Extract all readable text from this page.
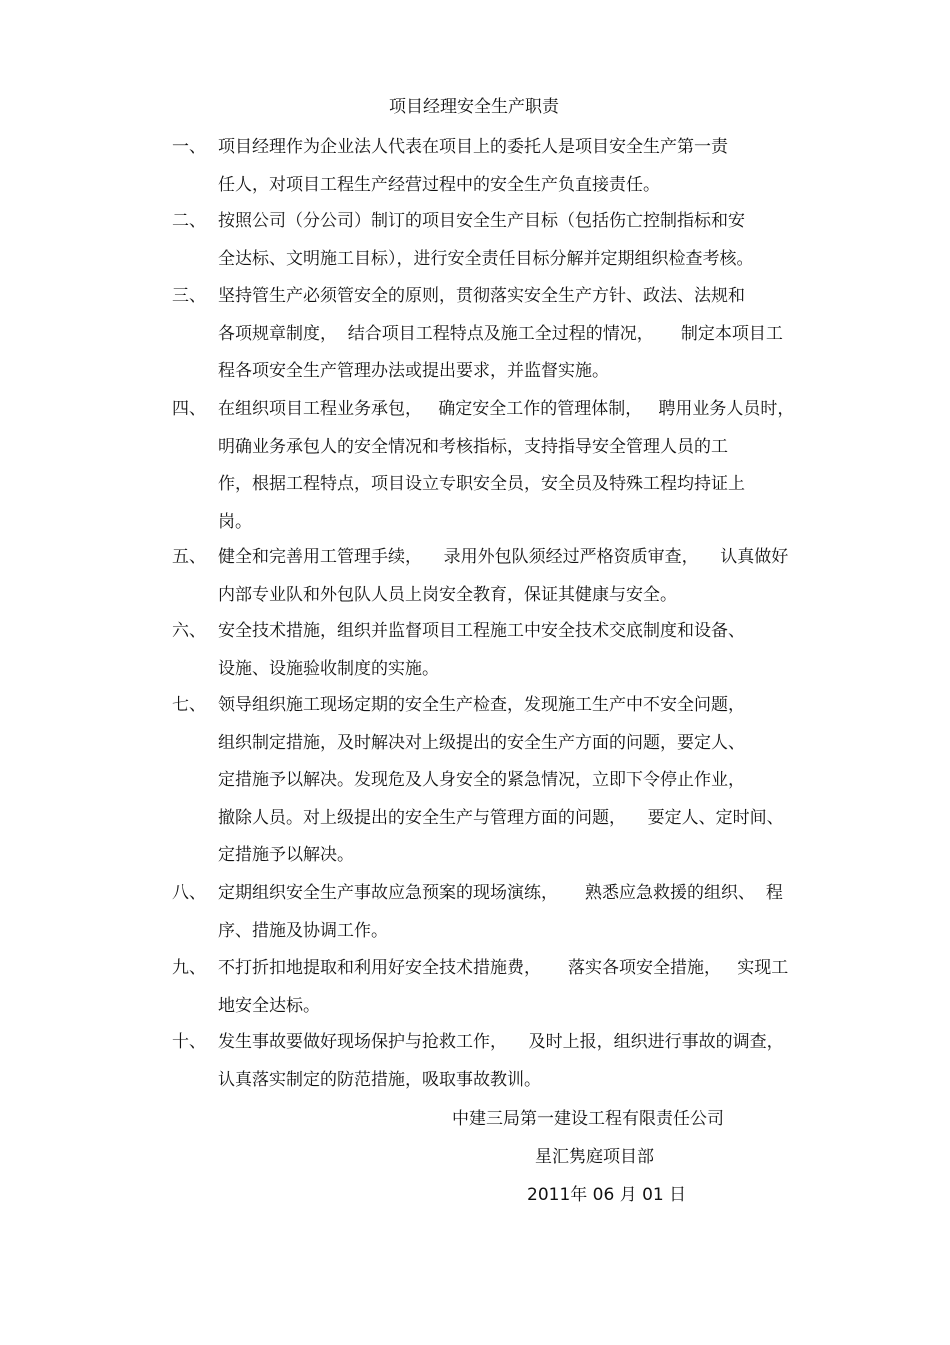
项目经理安全生产职责
一、 项目经理作为企业法人代表在项目上的委托人是项目安全生产第一责
任人，对项目工程生产经营过程中的安全生产负直接责任。
二、 按照公司（分公司）制订的项目安全生产目标（包括伤亡控制指标和安
全达标、文明施工目标），进行安全责任目标分解并定期组织检查考核。
三、 坚持管生产必须管安全的原则，贯彻落实安全生产方针、政法、法规和
各项规章制度，  结合项目工程特点及施工全过程的情况，     制定本项目工
程各项安全生产管理办法或提出要求，并监督实施。
四、 在组织项目工程业务承包，   确定安全工作的管理体制，   聘用业务人员时，
明确业务承包人的安全情况和考核指标，支持指导安全管理人员的工
作，根据工程特点，项目设立专职安全员，安全员及特殊工程均持证上
岗。
五、 健全和完善用工管理手续，    录用外包队须经过严格资质审查，    认真做好
内部专业队和外包队人员上岗安全教育，保证其健康与安全。
六、 安全技术措施，组织并监督项目工程施工中安全技术交底制度和设备、
设施、设施验收制度的实施。
七、 领导组织施工现场定期的安全生产检查，发现施工生产中不安全问题，
组织制定措施，及时解决对上级提出的安全生产方面的问题，要定人、
定措施予以解决。发现危及人身安全的紧急情况，立即下令停止作业，
撤除人员。对上级提出的安全生产与管理方面的问题，    要定人、定时间、
定措施予以解决。
八、 定期组织安全生产事故应急预案的现场演练，     熟悉应急救援的组织、  程
序、措施及协调工作。
九、 不打折扣地提取和利用好安全技术措施费，     落实各项安全措施，   实现工
地安全达标。
十、 发生事故要做好现场保护与抢救工作，    及时上报，组织进行事故的调查，
认真落实制定的防范措施，吸取事故教训。
中建三局第一建设工程有限责任公司
星汇隽庭项目部
2011年 06 月 01 日
